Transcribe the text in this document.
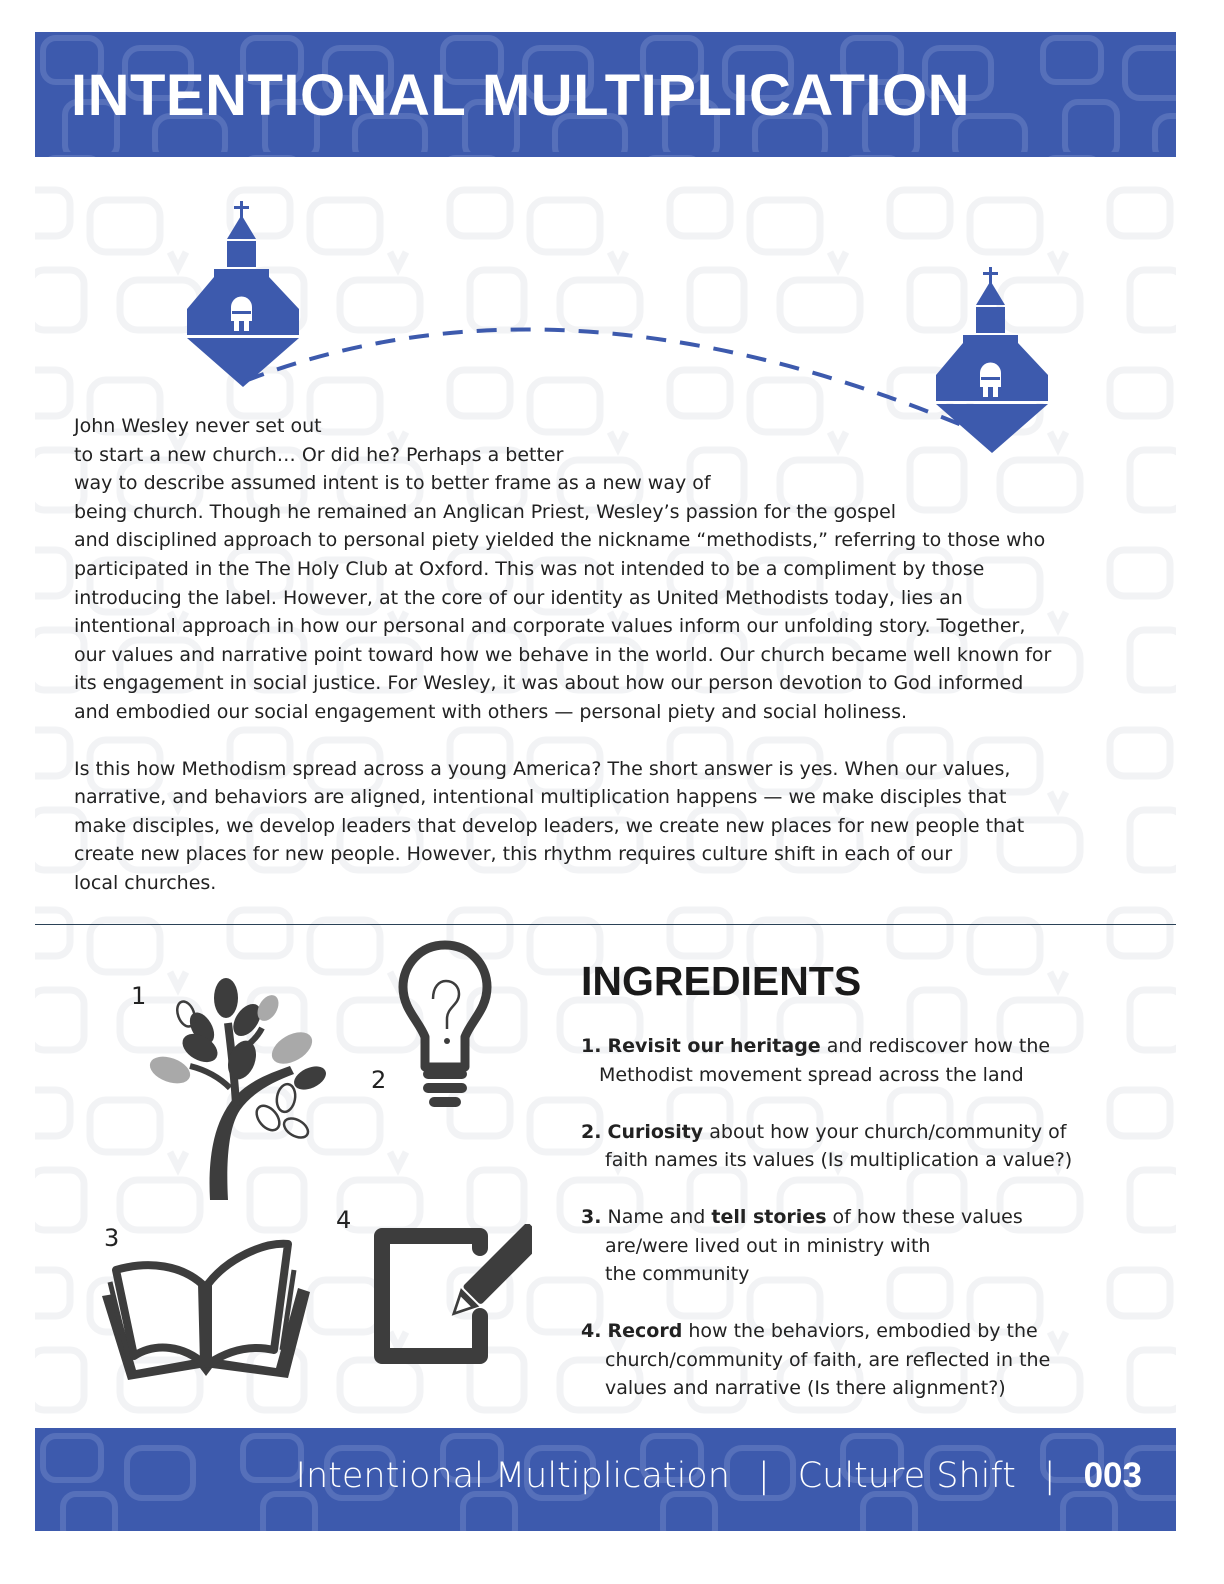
INTENTIONAL MULTIPLICATION

John Wesley never set out
to start a new church… Or did he? Perhaps a better
way to describe assumed intent is to better frame as a new way of
being church. Though he remained an Anglican Priest, Wesley’s passion for the gospel
and disciplined approach to personal piety yielded the nickname “methodists,” referring to those who
participated in the The Holy Club at Oxford. This was not intended to be a compliment by those
introducing the label. However, at the core of our identity as United Methodists today, lies an
intentional approach in how our personal and corporate values inform our unfolding story. Together,
our values and narrative point toward how we behave in the world. Our church became well known for
its engagement in social justice. For Wesley, it was about how our person devotion to God informed
and embodied our social engagement with others — personal piety and social holiness.

Is this how Methodism spread across a young America? The short answer is yes. When our values,
narrative, and behaviors are aligned, intentional multiplication happens — we make disciples that
make disciples, we develop leaders that develop leaders, we create new places for new people that
create new places for new people. However, this rhythm requires culture shift in each of our
local churches.

1
2
3
4
INGREDIENTS
1. Revisit our heritage and rediscover how the
Methodist movement spread across the land
2. Curiosity about how your church/community of
faith names its values (Is multiplication a value?)
3. Name and tell stories of how these values
are/were lived out in ministry with
the community
4. Record how the behaviors, embodied by the
church/community of faith, are reflected in the
values and narrative (Is there alignment?)
Intentional Multiplication | Culture Shift | 003
